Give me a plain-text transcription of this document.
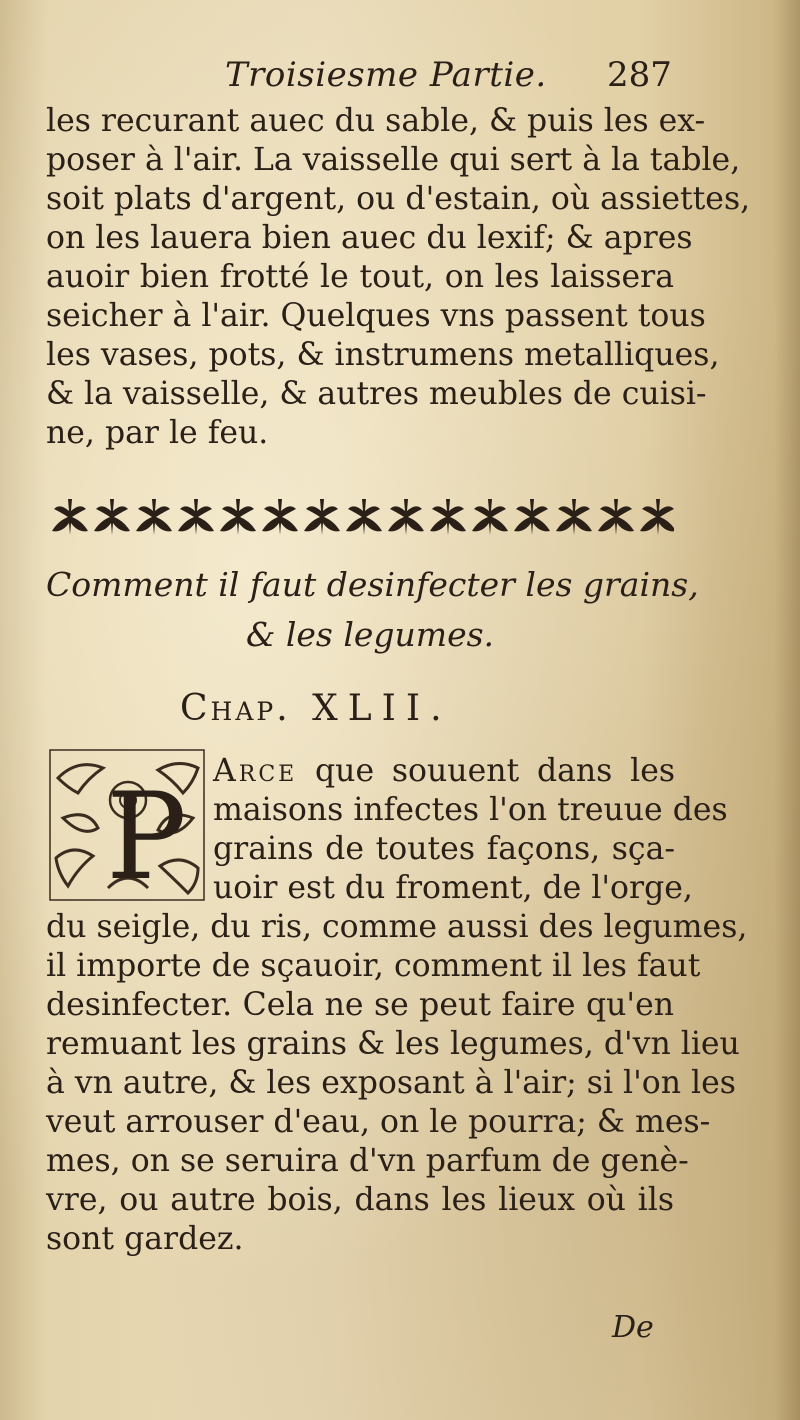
Troisiesme Partie. 287
les recurant auec du sable, & puis les ex-
poser à l'air. La vaisselle qui sert à la table,
soit plats d'argent, ou d'estain, où assiettes,
on les lauera bien auec du lexif; & apres
auoir bien frotté le tout, on les laissera
seicher à l'air. Quelques vns passent tous
les vases, pots, & instrumens metalliques,
& la vaisselle, & autres meubles de cuisi-
ne, par le feu.
Comment il faut desinfecter les grains,
& les legumes.
Chap. XLII.
P Arce que souuent dans les
maisons infectes l'on treuue des
grains de toutes façons, sça-
uoir est du froment, de l'orge,
du seigle, du ris, comme aussi des legumes,
il importe de sçauoir, comment il les faut
desinfecter. Cela ne se peut faire qu'en
remuant les grains & les legumes, d'vn lieu
à vn autre, & les exposant à l'air; si l'on les
veut arrouser d'eau, on le pourra; & mes-
mes, on se seruira d'vn parfum de genè-
vre, ou autre bois, dans les lieux où ils
sont gardez.
De
